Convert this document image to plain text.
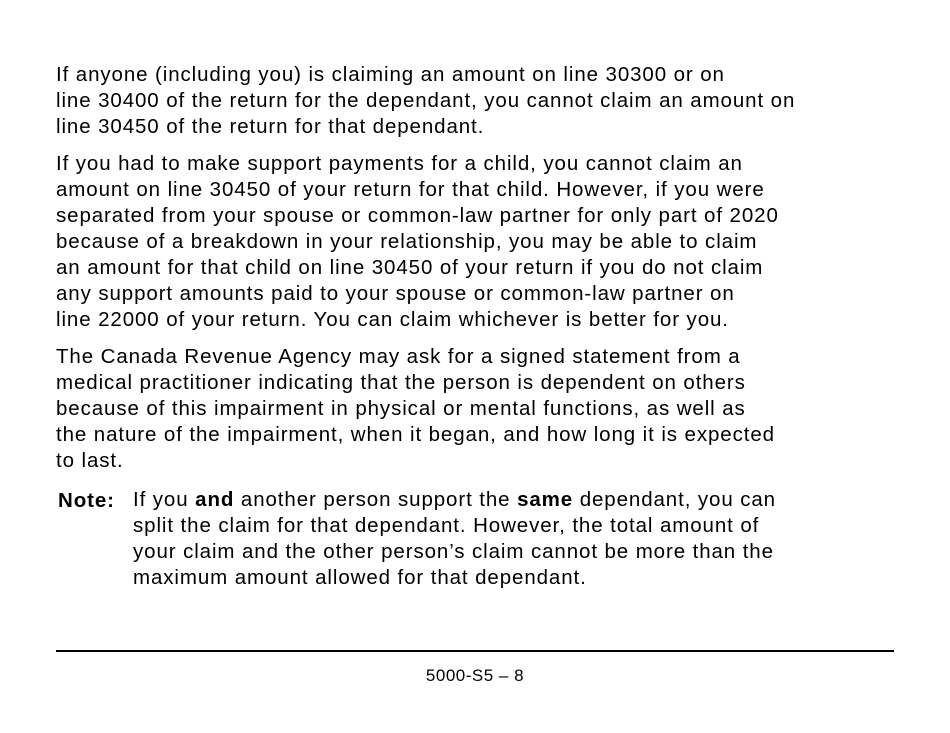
If anyone (including you) is claiming an amount on line 30300 or on
line 30400 of the return for the dependant, you cannot claim an amount on
line 30450 of the return for that dependant.

If you had to make support payments for a child, you cannot claim an
amount on line 30450 of your return for that child. However, if you were
separated from your spouse or common-law partner for only part of 2020
because of a breakdown in your relationship, you may be able to claim
an amount for that child on line 30450 of your return if you do not claim
any support amounts paid to your spouse or common-law partner on
line 22000 of your return. You can claim whichever is better for you.

The Canada Revenue Agency may ask for a signed statement from a
medical practitioner indicating that the person is dependent on others
because of this impairment in physical or mental functions, as well as
the nature of the impairment, when it began, and how long it is expected
to last.

Note: If you and another person support the same dependant, you can
split the claim for that dependant. However, the total amount of
your claim and the other person’s claim cannot be more than the
maximum amount allowed for that dependant.
5000-S5 – 8
